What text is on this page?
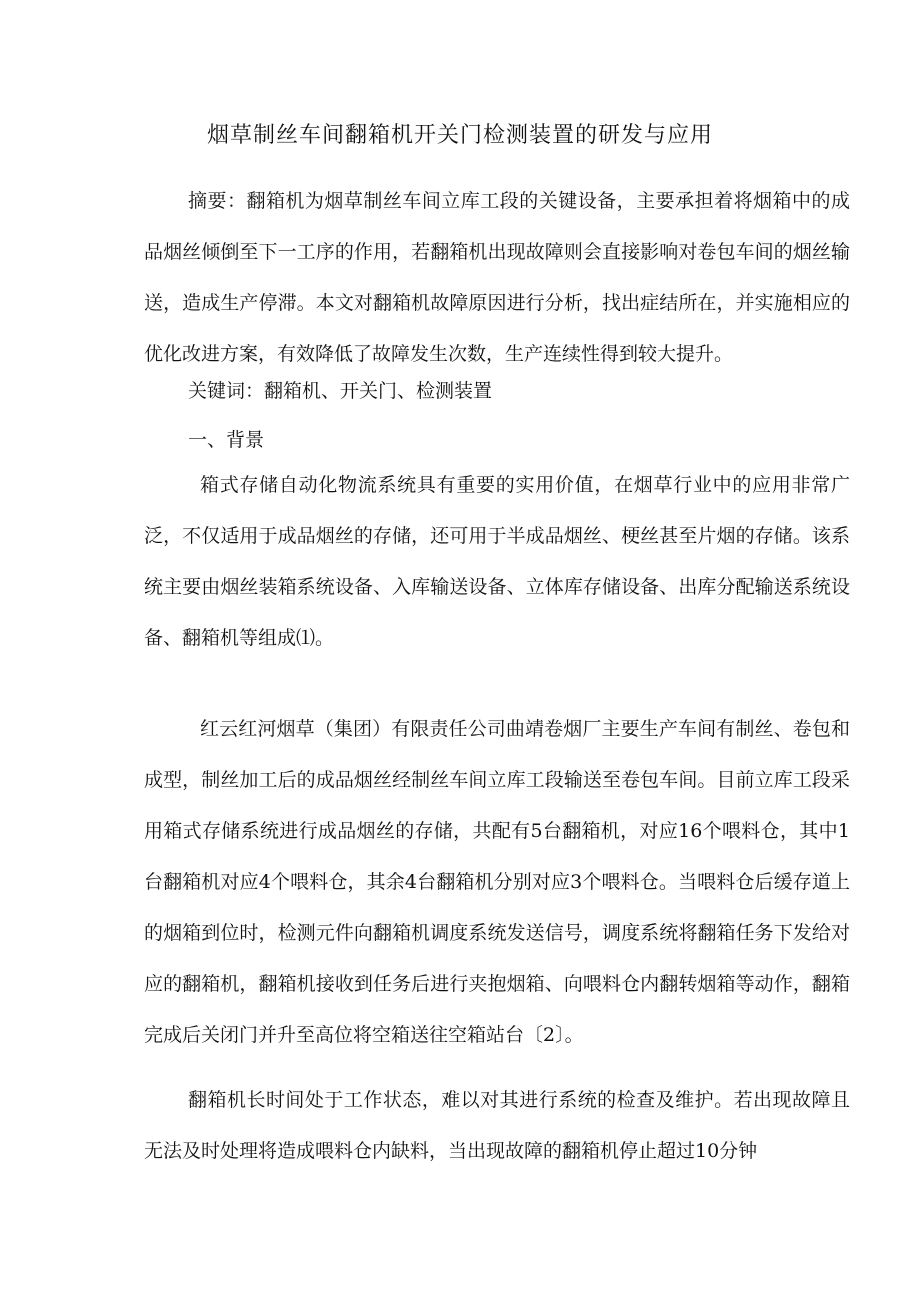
烟草制丝车间翻箱机开关门检测装置的研发与应用
摘要：翻箱机为烟草制丝车间立库工段的关键设备，主要承担着将烟箱中的成品烟丝倾倒至下一工序的作用，若翻箱机出现故障则会直接影响对卷包车间的烟丝输送，造成生产停滞。本文对翻箱机故障原因进行分析，找出症结所在，并实施相应的优化改进方案，有效降低了故障发生次数，生产连续性得到较大提升。
关键词：翻箱机、开关门、检测装置
一、背景
箱式存储自动化物流系统具有重要的实用价值，在烟草行业中的应用非常广泛，不仅适用于成品烟丝的存储，还可用于半成品烟丝、梗丝甚至片烟的存储。该系统主要由烟丝装箱系统设备、入库输送设备、立体库存储设备、出库分配输送系统设备、翻箱机等组成⑴。
红云红河烟草（集团）有限责任公司曲靖卷烟厂主要生产车间有制丝、卷包和成型，制丝加工后的成品烟丝经制丝车间立库工段输送至卷包车间。目前立库工段采用箱式存储系统进行成品烟丝的存储，共配有5台翻箱机，对应16个喂料仓，其中1台翻箱机对应4个喂料仓，其余4台翻箱机分别对应3个喂料仓。当喂料仓后缓存道上的烟箱到位时，检测元件向翻箱机调度系统发送信号，调度系统将翻箱任务下发给对应的翻箱机，翻箱机接收到任务后进行夹抱烟箱、向喂料仓内翻转烟箱等动作，翻箱完成后关闭门并升至高位将空箱送往空箱站台〔2〕。
翻箱机长时间处于工作状态，难以对其进行系统的检查及维护。若出现故障且无法及时处理将造成喂料仓内缺料，当出现故障的翻箱机停止超过10分钟
